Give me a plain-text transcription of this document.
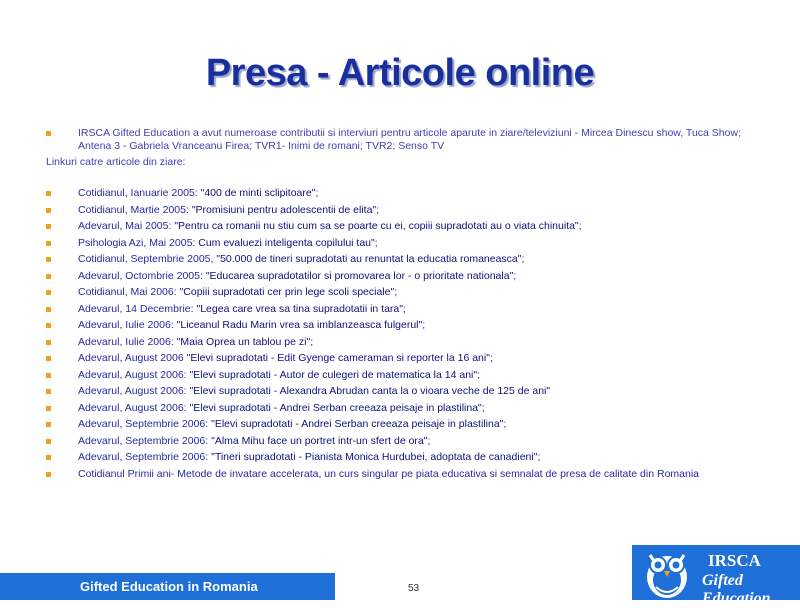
Presa - Articole online
IRSCA Gifted Education a avut numeroase contributii si interviuri pentru articole aparute in ziare/televiziuni - Mircea Dinescu show, Tuca Show; Antena 3 - Gabriela Vranceanu Firea; TVR1- Inimi de romani; TVR2; Senso TV
Linkuri catre articole din ziare:
Cotidianul, Ianuarie 2005: "400 de minti sclipitoare";
Cotidianul, Martie 2005: "Promisiuni pentru adolescentii de elita";
Adevarul, Mai 2005: "Pentru ca romanii nu stiu cum sa se poarte cu ei, copiii supradotati au o viata chinuita";
Psihologia Azi, Mai 2005: Cum evaluezi inteligenta copilului tau";
Cotidianul, Septembrie 2005, "50.000 de tineri supradotati au renuntat la educatia romaneasca";
Adevarul, Octombrie 2005: "Educarea supradotatilor si promovarea lor - o prioritate nationala";
Cotidianul, Mai 2006: "Copiii supradotati cer prin lege scoli speciale";
Adevarul, 14 Decembrie: "Legea care vrea sa tina supradotatii in tara";
Adevarul, Iulie 2006: "Liceanul Radu Marin vrea sa imblanzeasca fulgerul";
Adevarul, Iulie 2006: "Maia Oprea un tablou pe zi";
Adevarul, August 2006 "Elevi supradotati - Edit Gyenge cameraman si reporter la 16 ani";
Adevarul, August 2006: "Elevi supradotati - Autor de culegeri de matematica la 14 ani";
Adevarul, August 2006: "Elevi supradotati - Alexandra Abrudan canta la o vioara veche de 125 de ani"
Adevarul, August 2006: "Elevi supradotati - Andrei Serban creeaza peisaje in plastilina";
Adevarul, Septembrie 2006: "Elevi supradotati - Andrei Serban creeaza peisaje in plastilina";
Adevarul, Septembrie 2006: "Alma Mihu face un portret intr-un sfert de ora";
Adevarul, Septembrie 2006: "Tineri supradotati - Pianista Monica Hurdubei, adoptata de canadieni";
Cotidianul Primii ani- Metode de invatare accelerata, un curs singular pe piata educativa si semnalat de presa de calitate din Romania
Gifted Education in Romania	53
IRSCA
Gifted Education
